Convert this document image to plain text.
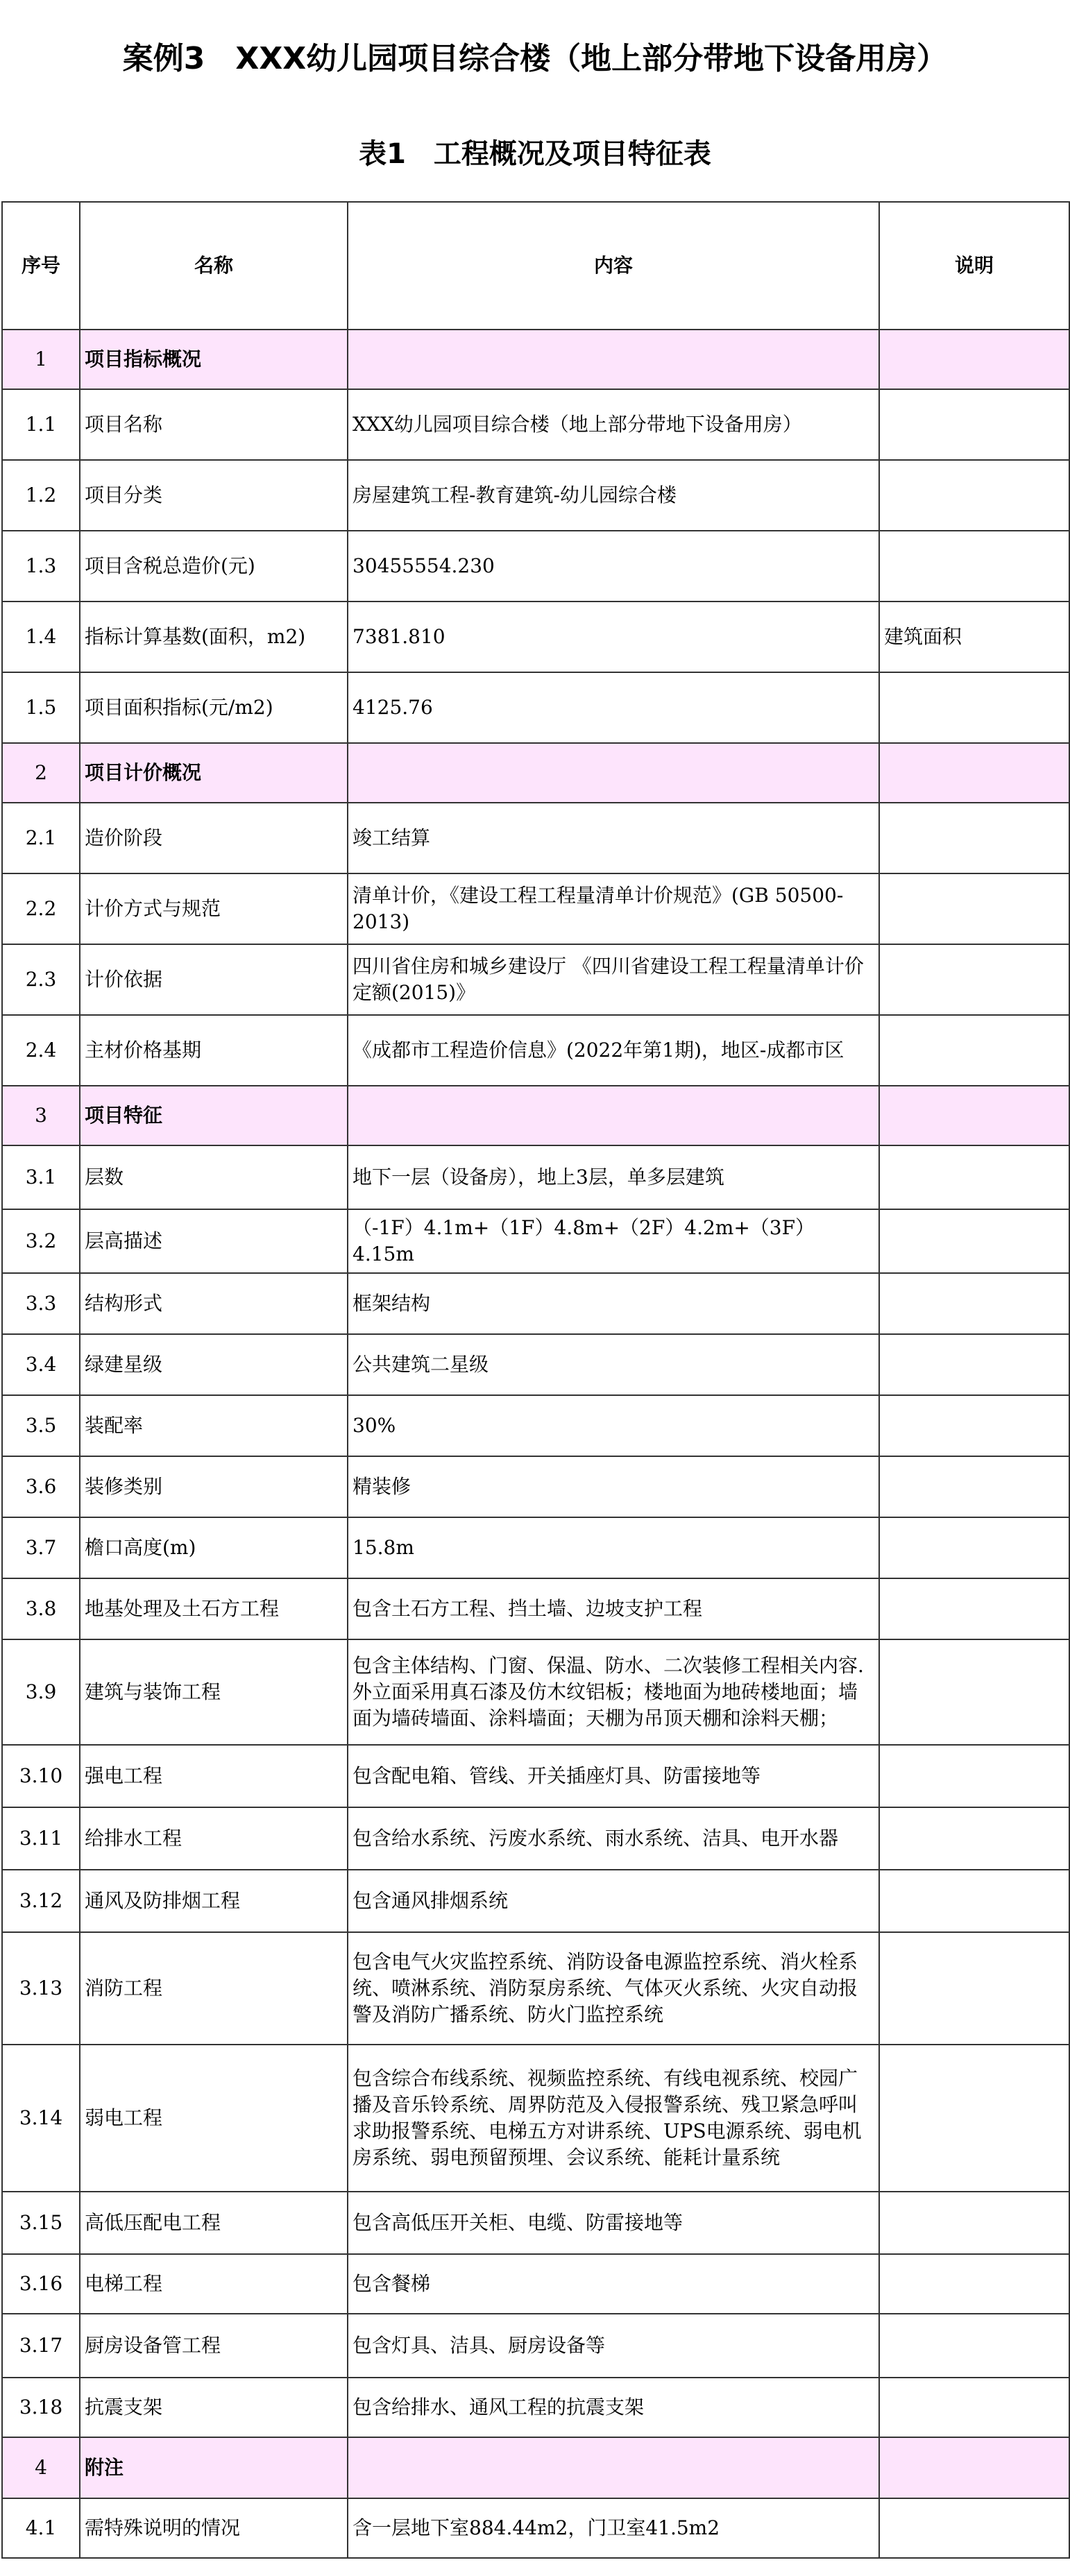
案例3　XXX幼儿园项目综合楼（地上部分带地下设备用房）
表1　工程概况及项目特征表
序号	名称	内容	说明
1	项目指标概况		
1.1	项目名称	XXX幼儿园项目综合楼（地上部分带地下设备用房）	
1.2	项目分类	房屋建筑工程-教育建筑-幼儿园综合楼	
1.3	项目含税总造价(元)	30455554.230	
1.4	指标计算基数(面积，m2)	7381.810	建筑面积
1.5	项目面积指标(元/m2)	4125.76	
2	项目计价概况		
2.1	造价阶段	竣工结算	
2.2	计价方式与规范	清单计价，《建设工程工程量清单计价规范》(GB 50500-2013)	
2.3	计价依据	四川省住房和城乡建设厅 《四川省建设工程工程量清单计价定额(2015)》	
2.4	主材价格基期	《成都市工程造价信息》(2022年第1期)，地区-成都市区	
3	项目特征		
3.1	层数	地下一层（设备房），地上3层，单多层建筑	
3.2	层高描述	（-1F）4.1m+（1F）4.8m+（2F）4.2m+（3F）4.15m	
3.3	结构形式	框架结构	
3.4	绿建星级	公共建筑二星级	
3.5	装配率	30%	
3.6	装修类别	精装修	
3.7	檐口高度(m)	15.8m	
3.8	地基处理及土石方工程	包含土石方工程、挡土墙、边坡支护工程	
3.9	建筑与装饰工程	包含主体结构、门窗、保温、防水、二次装修工程相关内容.外立面采用真石漆及仿木纹铝板；楼地面为地砖楼地面；墙面为墙砖墙面、涂料墙面；天棚为吊顶天棚和涂料天棚；	
3.10	强电工程	包含配电箱、管线、开关插座灯具、防雷接地等	
3.11	给排水工程	包含给水系统、污废水系统、雨水系统、洁具、电开水器	
3.12	通风及防排烟工程	包含通风排烟系统	
3.13	消防工程	包含电气火灾监控系统、消防设备电源监控系统、消火栓系统、喷淋系统、消防泵房系统、气体灭火系统、火灾自动报警及消防广播系统、防火门监控系统	
3.14	弱电工程	包含综合布线系统、视频监控系统、有线电视系统、校园广播及音乐铃系统、周界防范及入侵报警系统、残卫紧急呼叫求助报警系统、电梯五方对讲系统、UPS电源系统、弱电机房系统、弱电预留预埋、会议系统、能耗计量系统	
3.15	高低压配电工程	包含高低压开关柜、电缆、防雷接地等	
3.16	电梯工程	包含餐梯	
3.17	厨房设备管工程	包含灯具、洁具、厨房设备等	
3.18	抗震支架	包含给排水、通风工程的抗震支架	
4	附注		
4.1	需特殊说明的情况	含一层地下室884.44m2，门卫室41.5m2	
